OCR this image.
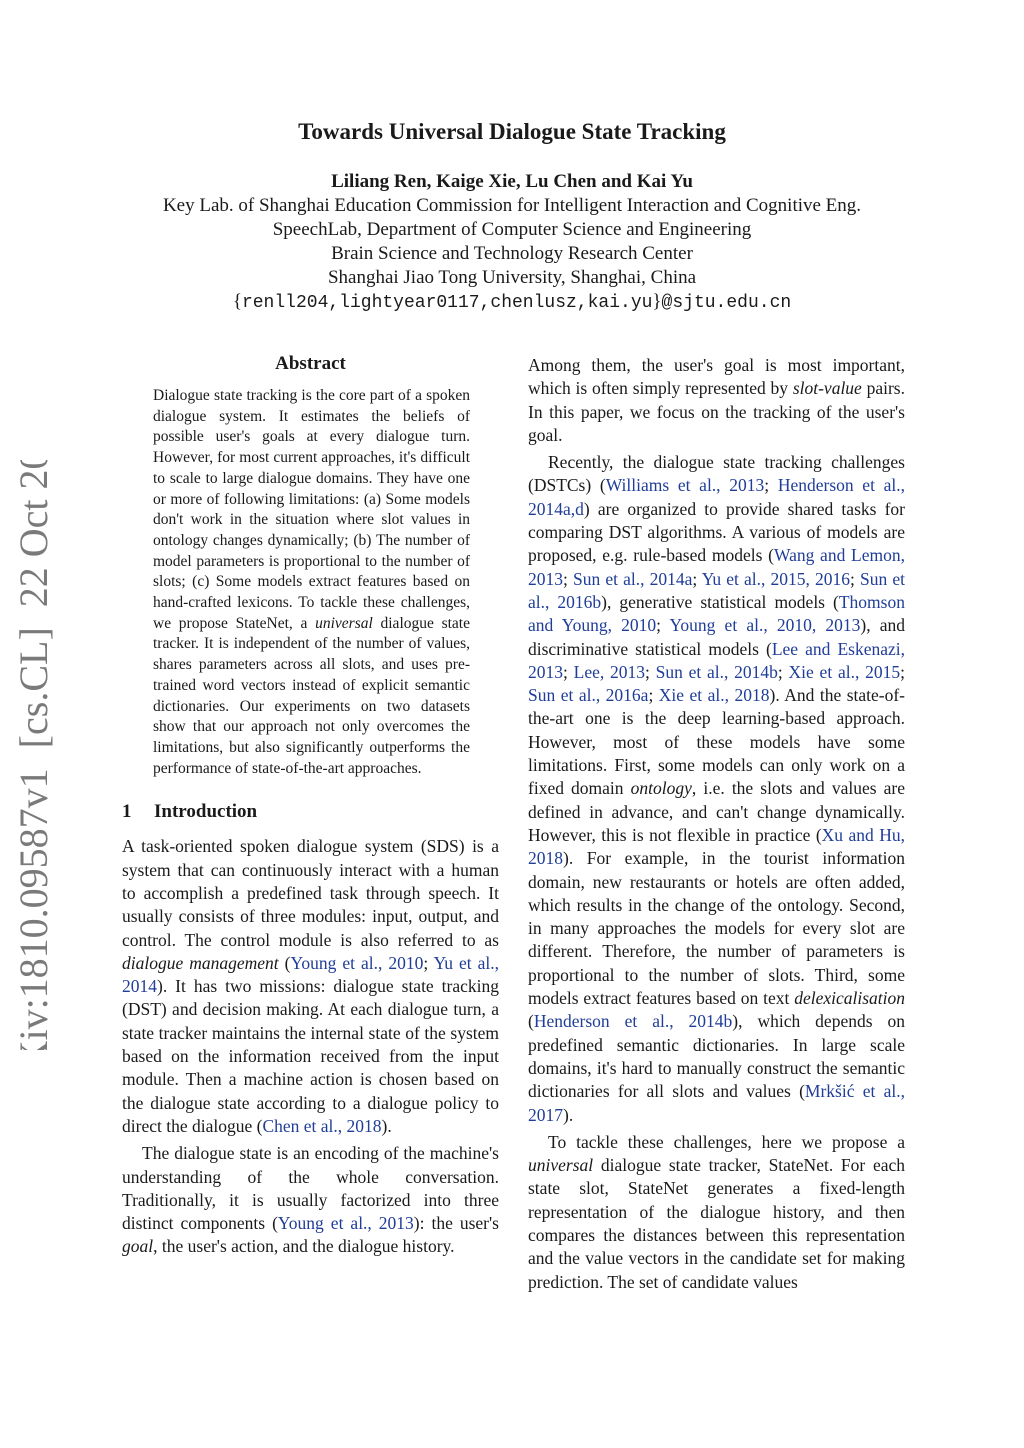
arXiv:1810.09587v1  [cs.CL]  22 Oct 2018
Towards Universal Dialogue State Tracking
Liliang Ren, Kaige Xie, Lu Chen and Kai Yu
Key Lab. of Shanghai Education Commission for Intelligent Interaction and Cognitive Eng.
SpeechLab, Department of Computer Science and Engineering
Brain Science and Technology Research Center
Shanghai Jiao Tong University, Shanghai, China
{renll204,lightyear0117,chenlusz,kai.yu}@sjtu.edu.cn
Abstract

Dialogue state tracking is the core part of a spoken dialogue system. It estimates the beliefs of possible user's goals at every dialogue turn. However, for most current approaches, it's difficult to scale to large dialogue domains. They have one or more of following limitations: (a) Some models don't work in the situation where slot values in ontology changes dynamically; (b) The number of model parameters is proportional to the number of slots; (c) Some models extract features based on hand-crafted lexicons. To tackle these challenges, we propose StateNet, a universal dialogue state tracker. It is independent of the number of values, shares parameters across all slots, and uses pre-trained word vectors instead of explicit semantic dictionaries. Our experiments on two datasets show that our approach not only overcomes the limitations, but also significantly outperforms the performance of state-of-the-art approaches.

1 Introduction

A task-oriented spoken dialogue system (SDS) is a system that can continuously interact with a human to accomplish a predefined task through speech. It usually consists of three modules: input, output, and control. The control module is also referred to as dialogue management (Young et al., 2010; Yu et al., 2014). It has two missions: dialogue state tracking (DST) and decision making. At each dialogue turn, a state tracker maintains the internal state of the system based on the information received from the input module. Then a machine action is chosen based on the dialogue state according to a dialogue policy to direct the dialogue (Chen et al., 2018).

The dialogue state is an encoding of the machine's understanding of the whole conversation. Traditionally, it is usually factorized into three distinct components (Young et al., 2013): the user's goal, the user's action, and the dialogue history.

Among them, the user's goal is most important, which is often simply represented by slot-value pairs. In this paper, we focus on the tracking of the user's goal.

Recently, the dialogue state tracking challenges (DSTCs) (Williams et al., 2013; Henderson et al., 2014a,d) are organized to provide shared tasks for comparing DST algorithms. A various of models are proposed, e.g. rule-based models (Wang and Lemon, 2013; Sun et al., 2014a; Yu et al., 2015, 2016; Sun et al., 2016b), generative statistical models (Thomson and Young, 2010; Young et al., 2010, 2013), and discriminative statistical models (Lee and Eskenazi, 2013; Lee, 2013; Sun et al., 2014b; Xie et al., 2015; Sun et al., 2016a; Xie et al., 2018). And the state-of-the-art one is the deep learning-based approach. However, most of these models have some limitations. First, some models can only work on a fixed domain ontology, i.e. the slots and values are defined in advance, and can't change dynamically. However, this is not flexible in practice (Xu and Hu, 2018). For example, in the tourist information domain, new restaurants or hotels are often added, which results in the change of the ontology. Second, in many approaches the models for every slot are different. Therefore, the number of parameters is proportional to the number of slots. Third, some models extract features based on text delexicalisation (Henderson et al., 2014b), which depends on predefined semantic dictionaries. In large scale domains, it's hard to manually construct the semantic dictionaries for all slots and values (Mrkšić et al., 2017).

To tackle these challenges, here we propose a universal dialogue state tracker, StateNet. For each state slot, StateNet generates a fixed-length representation of the dialogue history, and then compares the distances between this representation and the value vectors in the candidate set for making prediction. The set of candidate values
